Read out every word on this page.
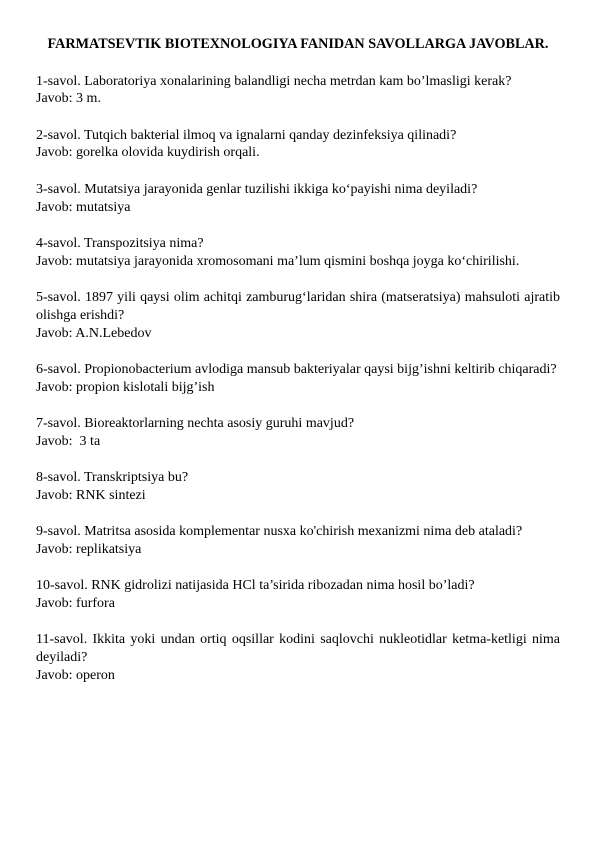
FARMATSEVTIK BIOTEXNOLOGIYA FANIDAN SAVOLLARGA JAVOBLAR.

1-savol. Laboratoriya xonalarining balandligi necha metrdan kam bo’lmasligi kerak?

Javob: 3 m.

2-savol. Tutqich bakterial ilmoq va ignalarni qanday dezinfeksiya qilinadi?

Javob: gorelka olovida kuydirish orqali.

3-savol. Mutatsiya jarayonida genlar tuzilishi ikkiga ko‘payishi nima deyiladi?

Javob: mutatsiya

4-savol. Transpozitsiya nima?

Javob: mutatsiya jarayonida xromosomani ma’lum qismini boshqa joyga ko‘chirilishi.

5-savol. 1897 yili qaysi olim achitqi zamburug‘laridan shira (matseratsiya) mahsuloti ajratib olishga erishdi?

Javob: A.N.Lebedov

6-savol. Propionobacterium avlodiga mansub bakteriyalar qaysi bijg’ishni keltirib chiqaradi?

Javob: propion kislotali bijg’ish

7-savol. Bioreaktorlarning nechta asosiy guruhi mavjud?

Javob:  3 ta

8-savol. Transkriptsiya bu?

Javob: RNK sintezi

9-savol. Matritsa asosida komplementar nusxa ko'chirish mexanizmi nima deb ataladi?

Javob: replikatsiya

10-savol. RNK gidrolizi natijasida HCl ta’sirida ribozadan nima hosil bo’ladi?

Javob: furfora

11-savol. Ikkita yoki undan ortiq oqsillar kodini saqlovchi nukleotidlar ketma-ketligi nima deyiladi?

Javob: operon
